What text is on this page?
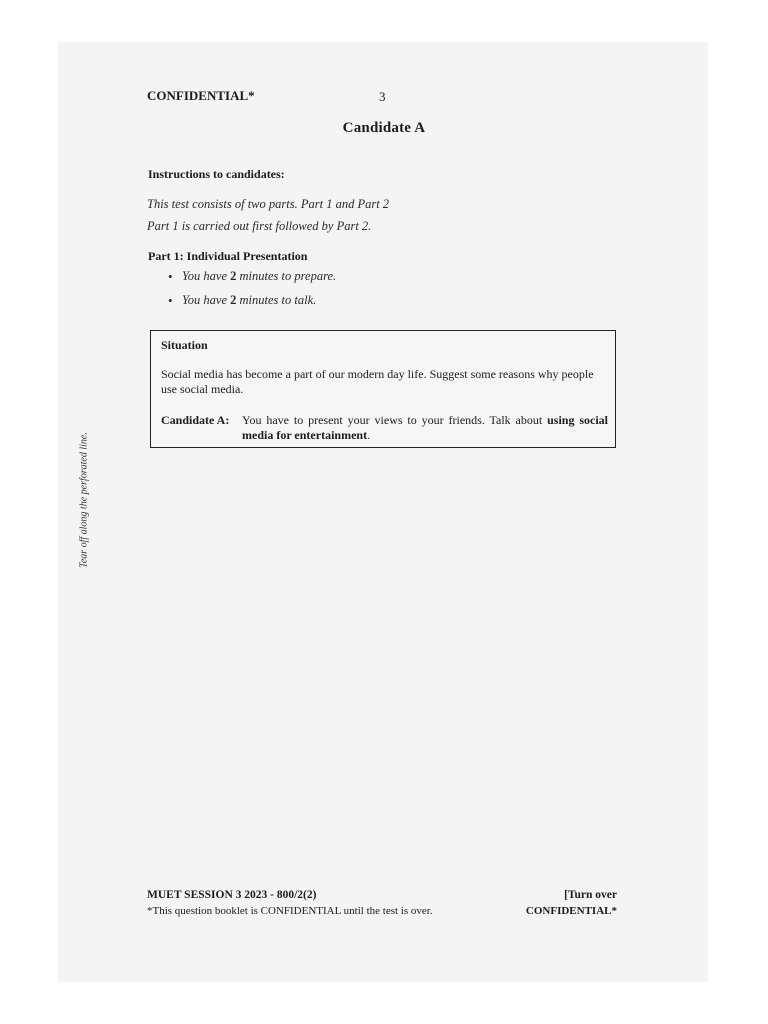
CONFIDENTIAL*	3
Candidate A
Instructions to candidates:
This test consists of two parts. Part 1 and Part 2
Part 1 is carried out first followed by Part 2.
Part 1: Individual Presentation
• You have 2 minutes to prepare.
• You have 2 minutes to talk.
Situation
Social media has become a part of our modern day life. Suggest some reasons why people use social media.
Candidate A: You have to present your views to your friends. Talk about using social media for entertainment.
Tear off along the perforated line.
MUET SESSION 3 2023 - 800/2(2)
*This question booklet is CONFIDENTIAL until the test is over.
[Turn over
CONFIDENTIAL*
